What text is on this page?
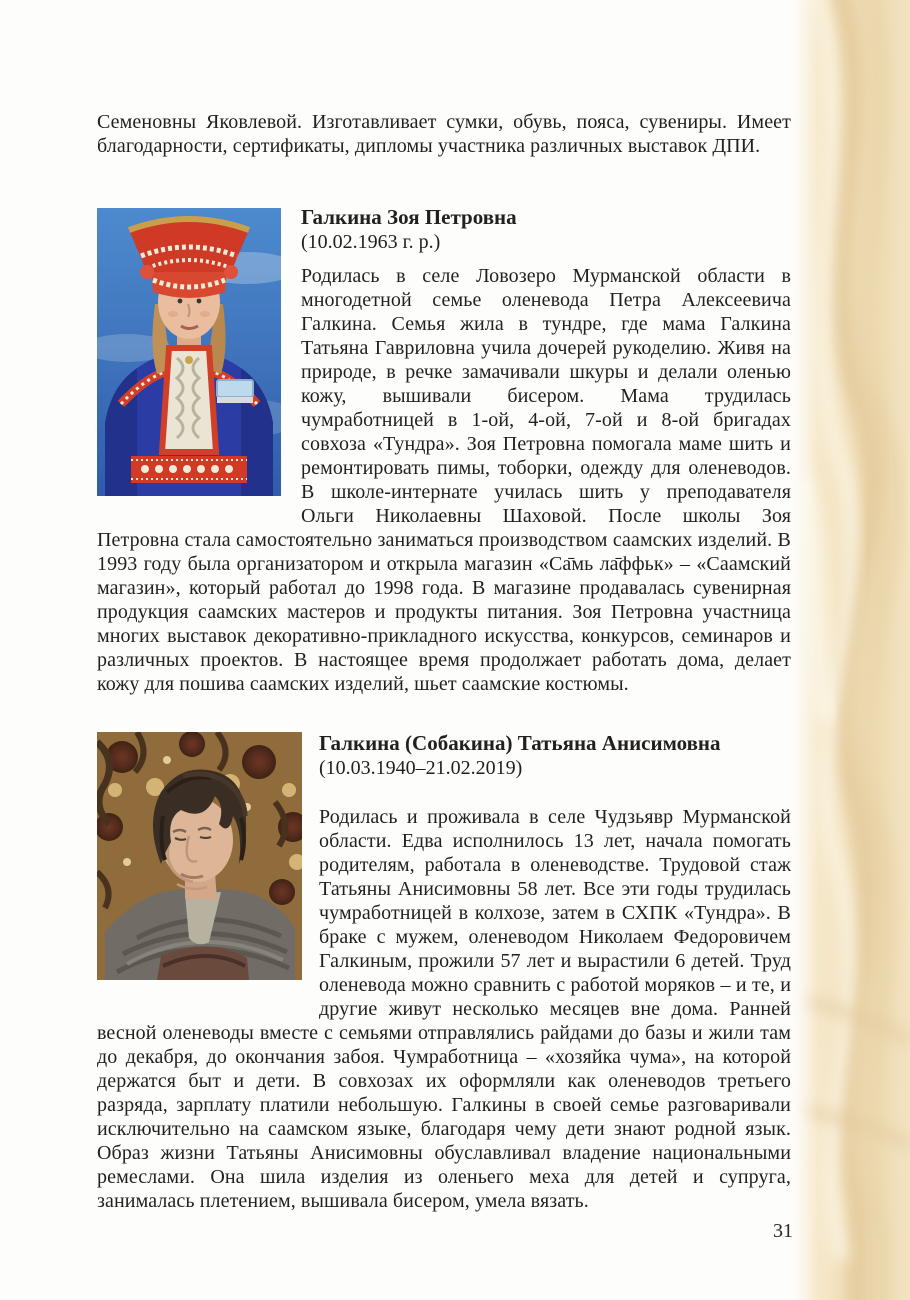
Семеновны Яковлевой. Изготавливает сумки, обувь, пояса, сувениры. Имеет благодарности, сертификаты, дипломы участника различных выставок ДПИ.

Галкина Зоя Петровна

(10.02.1963 г. р.)

Родилась в селе Ловозеро Мурманской области в многодетной семье оленевода Петра Алексеевича Галкина. Семья жила в тундре, где мама Галкина Татьяна Гавриловна учила дочерей рукоделию. Живя на природе, в речке замачивали шкуры и делали оленью кожу, вышивали бисером. Мама трудилась чумработницей в 1-ой, 4-ой, 7-ой и 8-ой бригадах совхоза «Тундра». Зоя Петровна помогала маме шить и ремонтировать пимы, тоборки, одежду для оленеводов. В школе-интернате училась шить у преподавателя Ольги Николаевны Шаховой. После школы Зоя Петровна стала самостоятельно заниматься производством саамских изделий. В 1993 году была организатором и открыла магазин «Са̄мь ла̄ффьк» – «Саамский магазин», который работал до 1998 года. В магазине продавалась сувенирная продукция саамских мастеров и продукты питания. Зоя Петровна участница многих выставок декоративно-прикладного искусства, конкурсов, семинаров и различных проектов. В настоящее время продолжает работать дома, делает кожу для пошива саамских изделий, шьет саамские костюмы.

Галкина (Собакина) Татьяна Анисимовна

(10.03.1940–21.02.2019)

Родилась и проживала в селе Чудзьявр Мурманской области. Едва исполнилось 13 лет, начала помогать родителям, работала в оленеводстве. Трудовой стаж Татьяны Анисимовны 58 лет. Все эти годы трудилась чумработницей в колхозе, затем в СХПК «Тундра». В браке с мужем, оленеводом Николаем Федоровичем Галкиным, прожили 57 лет и вырастили 6 детей. Труд оленевода можно сравнить с работой моряков – и те, и другие живут несколько месяцев вне дома. Ранней весной оленеводы вместе с семьями отправлялись райдами до базы и жили там до декабря, до окончания забоя. Чумработница – «хозяйка чума», на которой держатся быт и дети. В совхозах их оформляли как оленеводов третьего разряда, зарплату платили небольшую. Галкины в своей семье разговаривали исключительно на саамском языке, благодаря чему дети знают родной язык. Образ жизни Татьяны Анисимовны обуславливал владение национальными ремеслами. Она шила изделия из оленьего меха для детей и супруга, занималась плетением, вышивала бисером, умела вязать.

31
